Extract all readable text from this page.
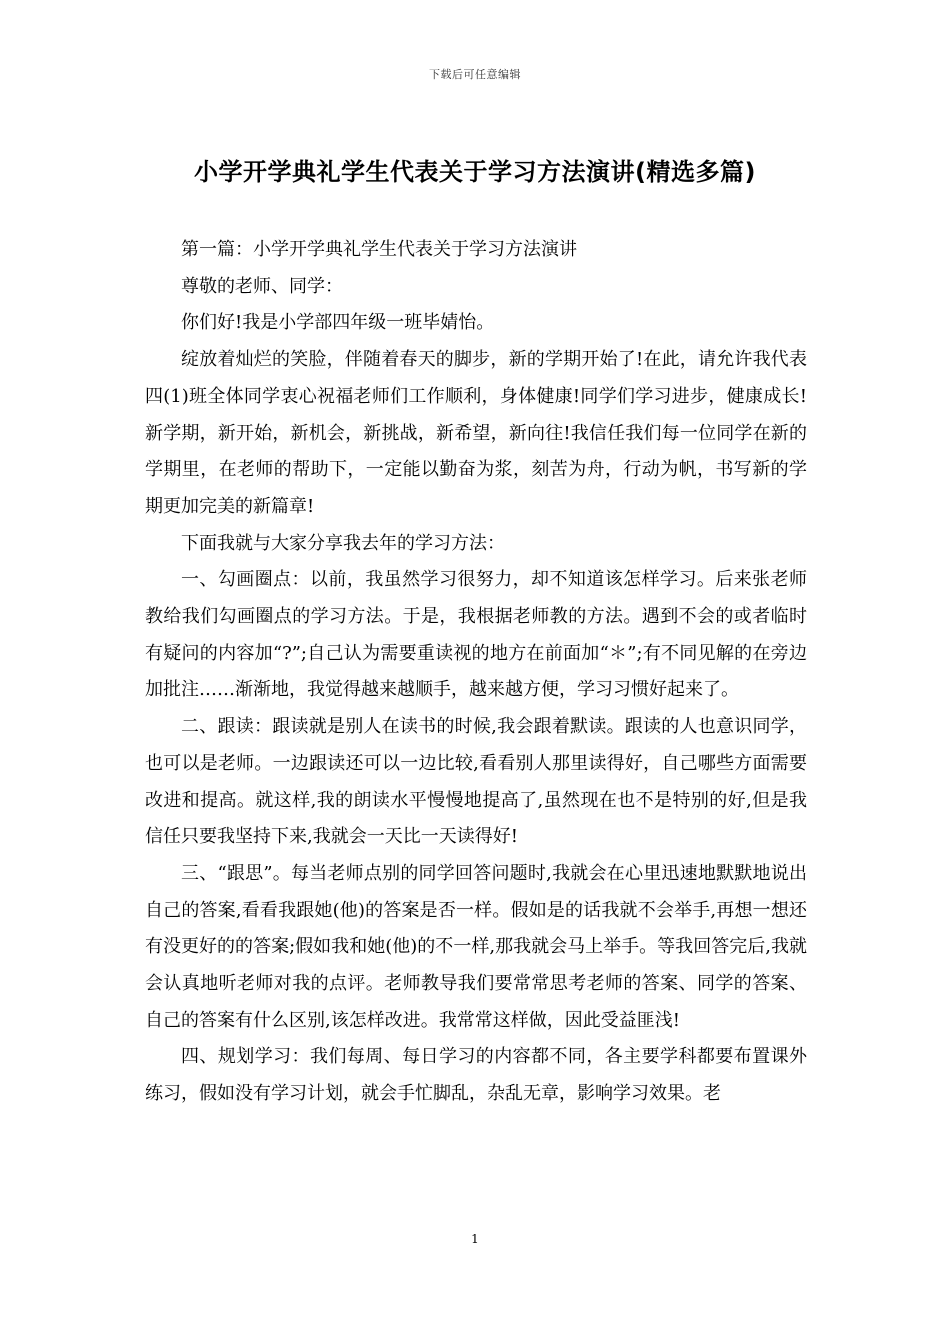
下载后可任意编辑
小学开学典礼学生代表关于学习方法演讲(精选多篇)

第一篇：小学开学典礼学生代表关于学习方法演讲

尊敬的老师、同学：

你们好!我是小学部四年级一班毕婧怡。

绽放着灿烂的笑脸，伴随着春天的脚步，新的学期开始了!在此，请允许我代表四(1)班全体同学衷心祝福老师们工作顺利，身体健康!同学们学习进步，健康成长!新学期，新开始，新机会，新挑战，新希望，新向往!我信任我们每一位同学在新的学期里，在老师的帮助下，一定能以勤奋为浆，刻苦为舟，行动为帆，书写新的学期更加完美的新篇章!

下面我就与大家分享我去年的学习方法：

一、勾画圈点：以前，我虽然学习很努力，却不知道该怎样学习。后来张老师教给我们勾画圈点的学习方法。于是，我根据老师教的方法。遇到不会的或者临时有疑问的内容加“?”;自己认为需要重读视的地方在前面加“＊”;有不同见解的在旁边加批注……渐渐地，我觉得越来越顺手，越来越方便，学习习惯好起来了。

二、跟读：跟读就是别人在读书的时候,我会跟着默读。跟读的人也意识同学，也可以是老师。一边跟读还可以一边比较,看看别人那里读得好，自己哪些方面需要改进和提高。就这样,我的朗读水平慢慢地提高了,虽然现在也不是特别的好,但是我信任只要我坚持下来,我就会一天比一天读得好!

三、“跟思”。每当老师点别的同学回答问题时,我就会在心里迅速地默默地说出自己的答案,看看我跟她(他)的答案是否一样。假如是的话我就不会举手,再想一想还有没更好的的答案;假如我和她(他)的不一样,那我就会马上举手。等我回答完后,我就会认真地听老师对我的点评。老师教导我们要常常思考老师的答案、同学的答案、自己的答案有什么区别,该怎样改进。我常常这样做，因此受益匪浅!

四、规划学习：我们每周、每日学习的内容都不同，各主要学科都要布置课外练习，假如没有学习计划，就会手忙脚乱，杂乱无章，影响学习效果。老

1
